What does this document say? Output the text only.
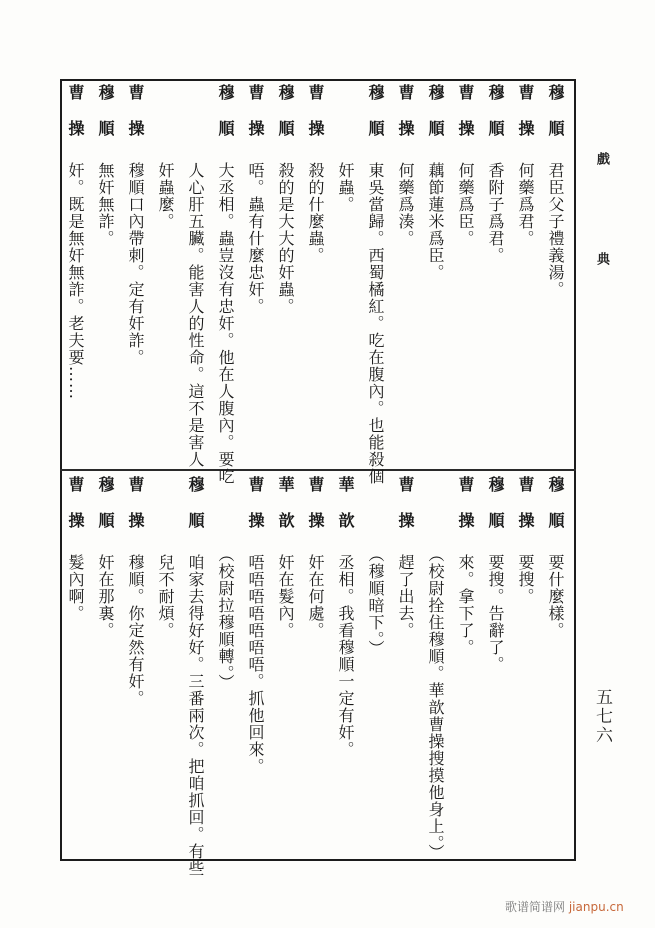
戲
典
五七六
穆順君臣父子禮義湯。
曹操何藥爲君。
穆順香附子爲君。
曹操何藥爲臣。
穆順藕節蓮米爲臣。
曹操何藥爲湊。
穆順東吳當歸。西蜀橘紅。吃在腹內。也能殺個
奸蟲。
曹操殺的什麼蟲。
穆順殺的是大大的奸蟲。
曹操唔。蟲有什麼忠奸。
穆順大丞相。蟲豈沒有忠奸。他在人腹內。要吃
人心肝五臟。能害人的性命。這不是害人
奸蟲麼。
曹操穆順口內帶刺。定有奸詐。
穆順無奸無詐。
曹操奸。既是無奸無詐。老夫要……
穆順要什麼樣。
曹操要搜。
穆順要搜。告辭了。
曹操來。拿下了。
（校尉拴住穆順。華歆曹操搜摸他身上。）
曹操趕了出去。
（穆順暗下。）
華歆丞相。我看穆順一定有奸。
曹操奸在何處。
華歆奸在髮內。
曹操唔唔唔唔唔唔唔。抓他回來。
（校尉拉穆順轉。）
穆順咱家去得好好。三番兩次。把咱抓回。有些
兒不耐煩。
曹操穆順。你定然有奸。
穆順奸在那裏。
曹操髮內啊。
歌谱简谱网 jianpu.cn
